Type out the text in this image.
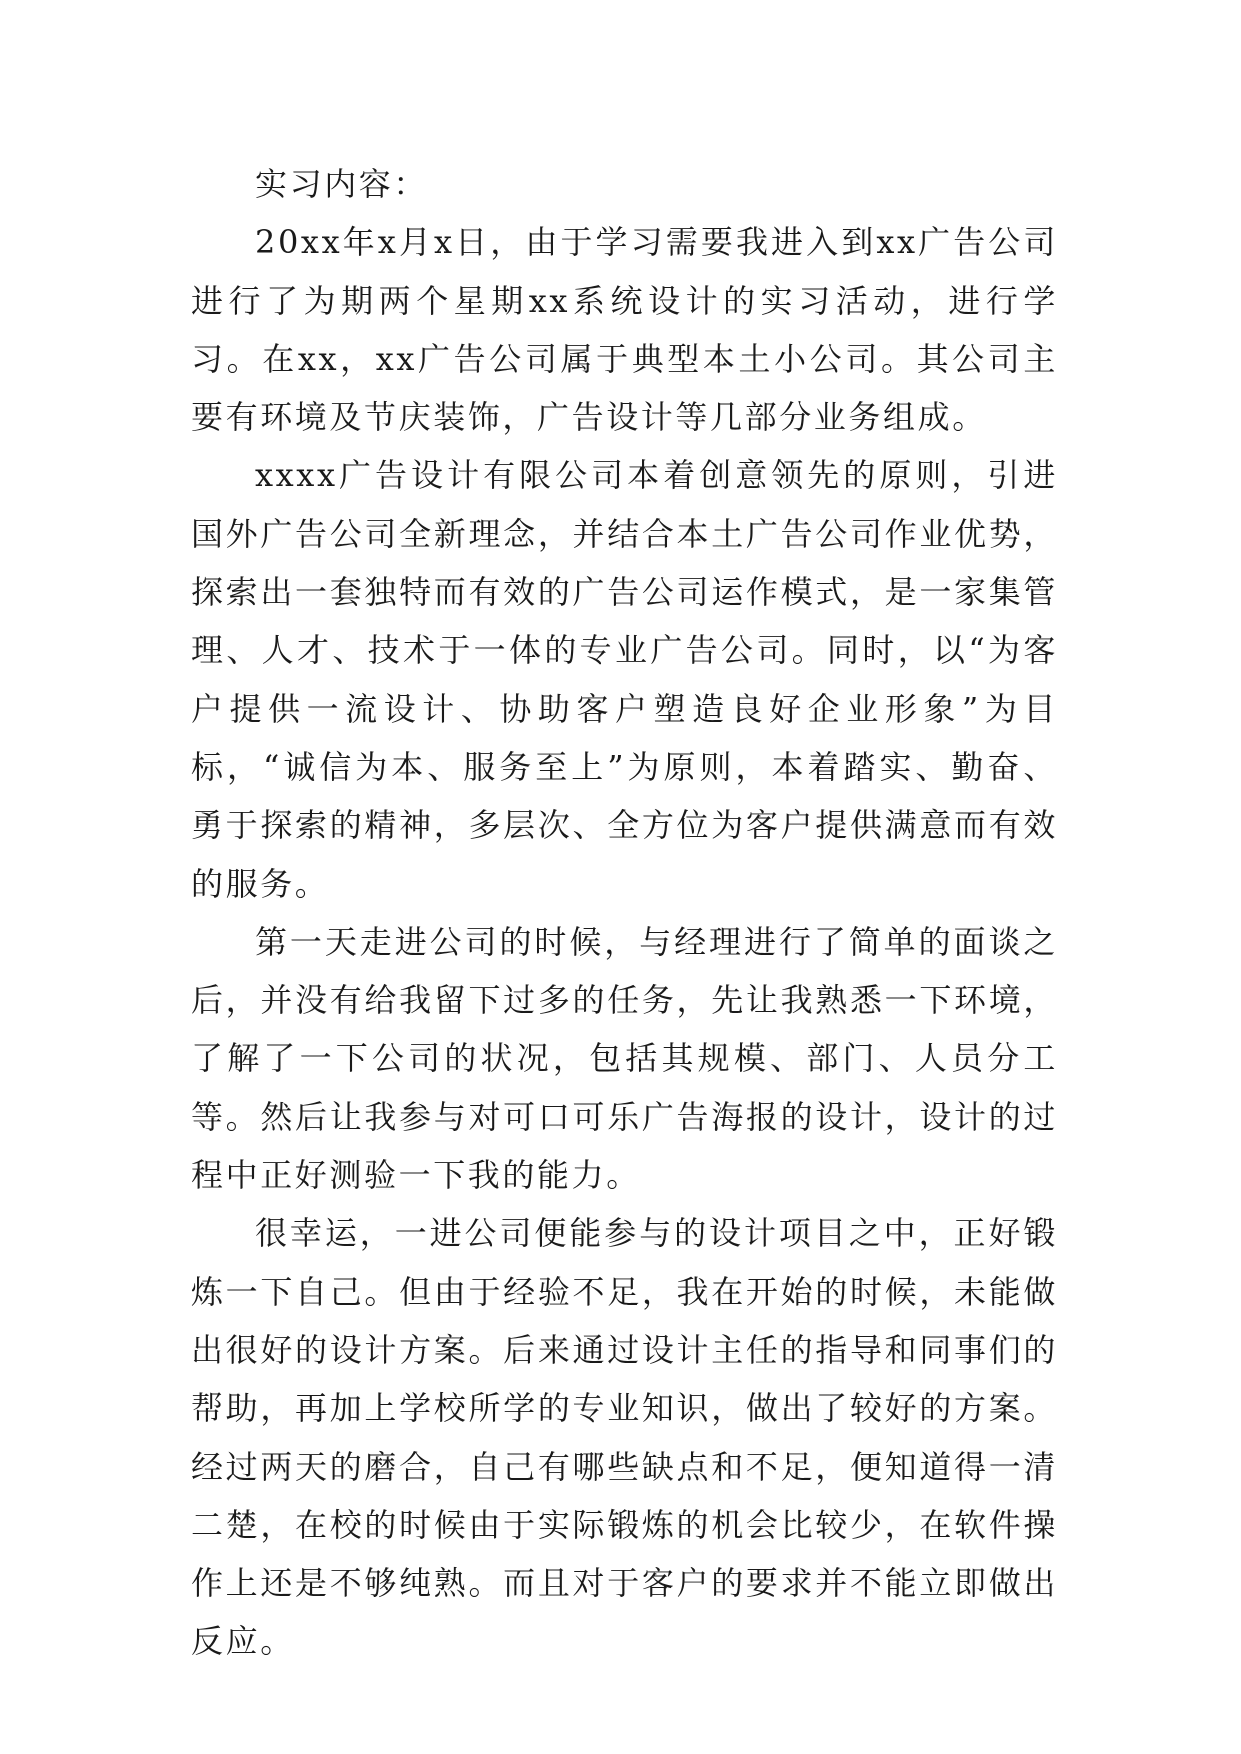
实习内容：

20xx年x月x日，由于学习需要我进入到xx广告公司进行了为期两个星期xx系统设计的实习活动，进行学习。在xx，xx广告公司属于典型本土小公司。其公司主要有环境及节庆装饰，广告设计等几部分业务组成。

xxxx广告设计有限公司本着创意领先的原则，引进国外广告公司全新理念，并结合本土广告公司作业优势，探索出一套独特而有效的广告公司运作模式，是一家集管理、人才、技术于一体的专业广告公司。同时，以“为客户提供一流设计、协助客户塑造良好企业形象”为目标，“诚信为本、服务至上”为原则，本着踏实、勤奋、勇于探索的精神，多层次、全方位为客户提供满意而有效的服务。

第一天走进公司的时候，与经理进行了简单的面谈之后，并没有给我留下过多的任务，先让我熟悉一下环境，了解了一下公司的状况，包括其规模、部门、人员分工等。然后让我参与对可口可乐广告海报的设计，设计的过程中正好测验一下我的能力。

很幸运，一进公司便能参与的设计项目之中，正好锻炼一下自己。但由于经验不足，我在开始的时候，未能做出很好的设计方案。后来通过设计主任的指导和同事们的帮助，再加上学校所学的专业知识，做出了较好的方案。经过两天的磨合，自己有哪些缺点和不足，便知道得一清二楚，在校的时候由于实际锻炼的机会比较少，在软件操作上还是不够纯熟。而且对于客户的要求并不能立即做出反应。
